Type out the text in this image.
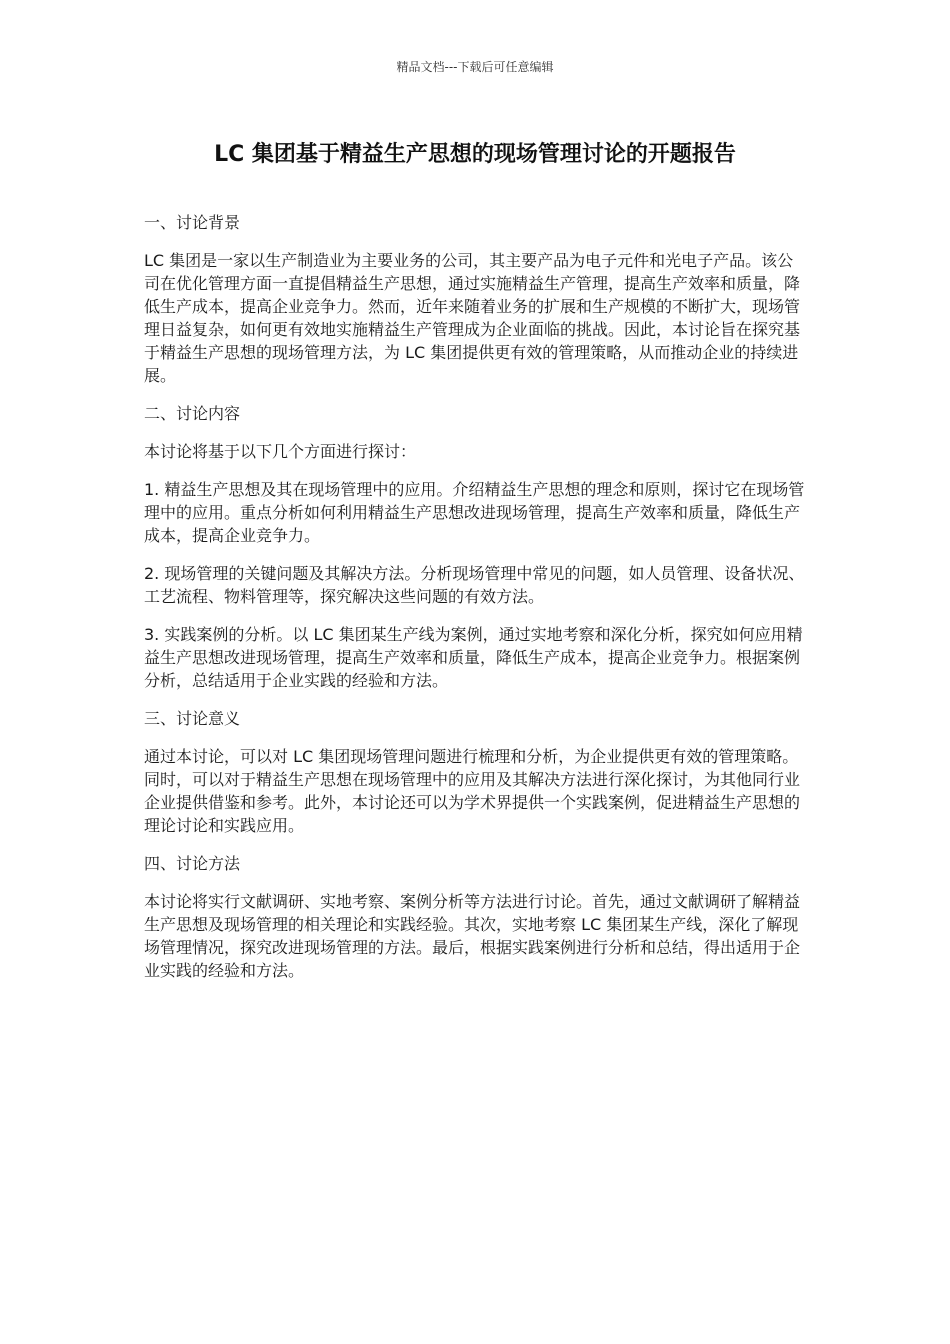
精品文档---下载后可任意编辑
LC 集团基于精益生产思想的现场管理讨论的开题报告

一、讨论背景

LC 集团是一家以生产制造业为主要业务的公司，其主要产品为电子元件和光电子产品。该公司在优化管理方面一直提倡精益生产思想，通过实施精益生产管理，提高生产效率和质量，降低生产成本，提高企业竞争力。然而，近年来随着业务的扩展和生产规模的不断扩大，现场管理日益复杂，如何更有效地实施精益生产管理成为企业面临的挑战。因此，本讨论旨在探究基于精益生产思想的现场管理方法，为 LC 集团提供更有效的管理策略，从而推动企业的持续进展。

二、讨论内容

本讨论将基于以下几个方面进行探讨：

1. 精益生产思想及其在现场管理中的应用。介绍精益生产思想的理念和原则，探讨它在现场管理中的应用。重点分析如何利用精益生产思想改进现场管理，提高生产效率和质量，降低生产成本，提高企业竞争力。

2. 现场管理的关键问题及其解决方法。分析现场管理中常见的问题，如人员管理、设备状况、工艺流程、物料管理等，探究解决这些问题的有效方法。

3. 实践案例的分析。以 LC 集团某生产线为案例，通过实地考察和深化分析，探究如何应用精益生产思想改进现场管理，提高生产效率和质量，降低生产成本，提高企业竞争力。根据案例分析，总结适用于企业实践的经验和方法。

三、讨论意义

通过本讨论，可以对 LC 集团现场管理问题进行梳理和分析，为企业提供更有效的管理策略。同时，可以对于精益生产思想在现场管理中的应用及其解决方法进行深化探讨，为其他同行业企业提供借鉴和参考。此外，本讨论还可以为学术界提供一个实践案例，促进精益生产思想的理论讨论和实践应用。

四、讨论方法

本讨论将实行文献调研、实地考察、案例分析等方法进行讨论。首先，通过文献调研了解精益生产思想及现场管理的相关理论和实践经验。其次，实地考察 LC 集团某生产线，深化了解现场管理情况，探究改进现场管理的方法。最后，根据实践案例进行分析和总结，得出适用于企业实践的经验和方法。
